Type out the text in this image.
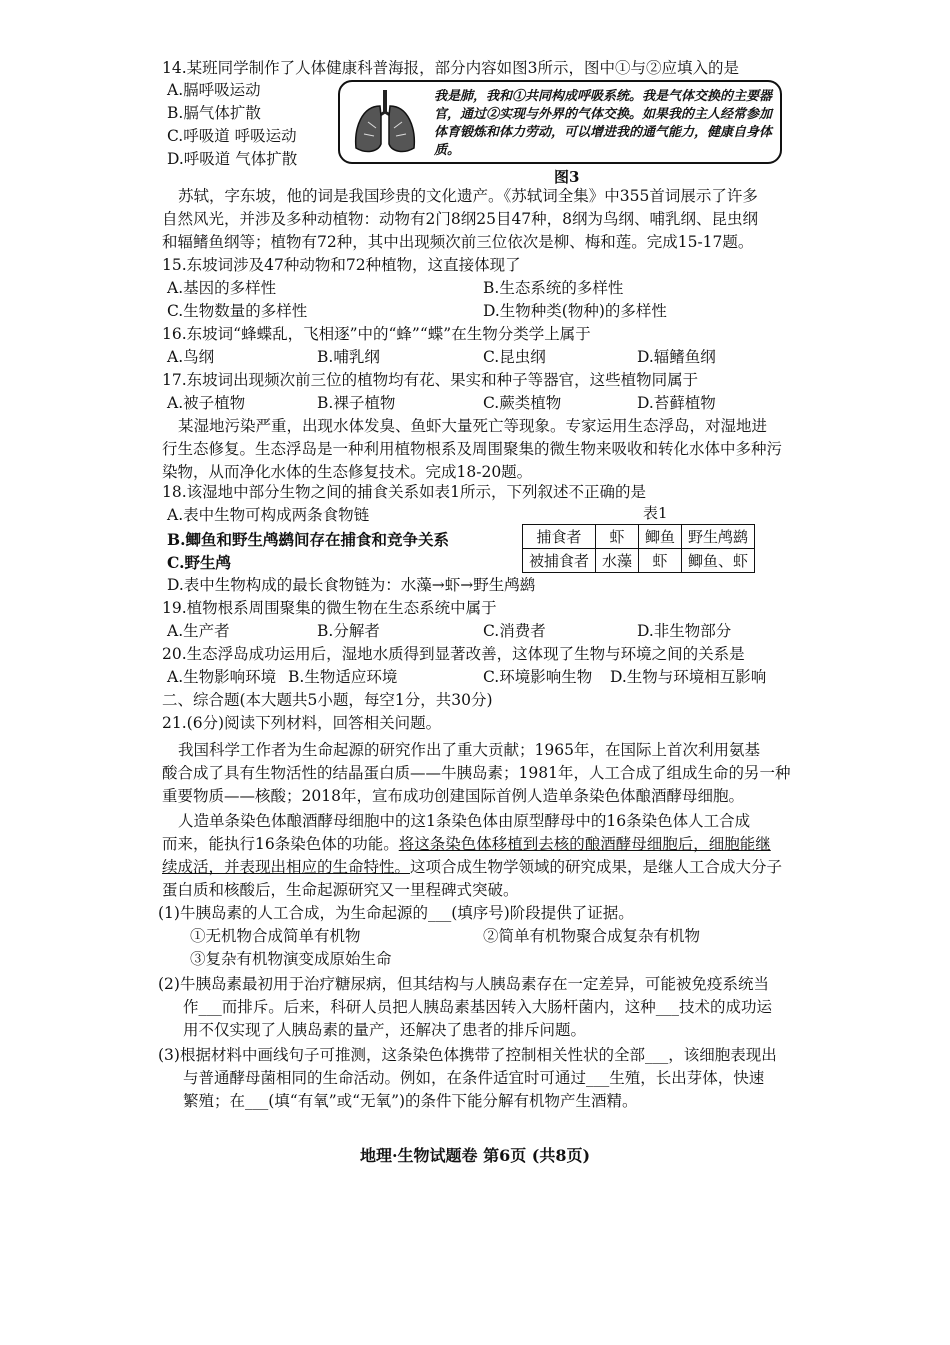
14.某班同学制作了人体健康科普海报，部分内容如图3所示，图中①与②应填入的是
A.膈呼吸运动
B.膈气体扩散
C.呼吸道 呼吸运动
D.呼吸道 气体扩散
我是肺，我和①共同构成呼吸系统。我是气体交换的主要器官，通过②实现与外界的气体交换。如果我的主人经常参加体育锻炼和体力劳动，可以增进我的通气能力，健康自身体质。
图3
苏轼，字东坡，他的词是我国珍贵的文化遗产。《苏轼词全集》中355首词展示了许多
自然风光，并涉及多种动植物：动物有2门8纲25目47种，8纲为鸟纲、哺乳纲、昆虫纲
和辐鳍鱼纲等；植物有72种，其中出现频次前三位依次是柳、梅和莲。完成15-17题。
15.东坡词涉及47种动物和72种植物，这直接体现了
A.基因的多样性	B.生态系统的多样性
C.生物数量的多样性	D.生物种类(物种)的多样性
16.东坡词“蜂蝶乱，飞相逐”中的“蜂”“蝶”在生物分类学上属于
A.鸟纲	B.哺乳纲	C.昆虫纲	D.辐鳍鱼纲
17.东坡词出现频次前三位的植物均有花、果实和种子等器官，这些植物同属于
A.被子植物	B.裸子植物	C.蕨类植物	D.苔藓植物
某湿地污染严重，出现水体发臭、鱼虾大量死亡等现象。专家运用生态浮岛，对湿地进
行生态修复。生态浮岛是一种利用植物根系及周围聚集的微生物来吸收和转化水体中多种污
染物，从而净化水体的生态修复技术。完成18-20题。
18.该湿地中部分生物之间的捕食关系如表1所示，下列叙述不正确的是
A.表中生物可构成两条食物链
B.鲫鱼和野生鸬鹚间存在捕食和竞争关系
C.野生鸬
D.表中生物构成的最长食物链为：水藻→虾→野生鸬鹚
表1
捕食者	虾	鲫鱼	野生鸬鹚
被捕食者	水藻	虾	鲫鱼、虾
19.植物根系周围聚集的微生物在生态系统中属于
A.生产者	B.分解者	C.消费者	D.非生物部分
20.生态浮岛成功运用后，湿地水质得到显著改善，这体现了生物与环境之间的关系是
A.生物影响环境 B.生物适应环境	C.环境影响生物 D.生物与环境相互影响
二、综合题(本大题共5小题，每空1分，共30分)
21.(6分)阅读下列材料，回答相关问题。
我国科学工作者为生命起源的研究作出了重大贡献；1965年，在国际上首次利用氨基
酸合成了具有生物活性的结晶蛋白质——牛胰岛素；1981年，人工合成了组成生命的另一种
重要物质——核酸；2018年，宣布成功创建国际首例人造单条染色体酿酒酵母细胞。
人造单条染色体酿酒酵母细胞中的这1条染色体由原型酵母中的16条染色体人工合成
而来，能执行16条染色体的功能。将这条染色体移植到去核的酿酒酵母细胞后，细胞能继
续成活，并表现出相应的生命特性。这项合成生物学领域的研究成果，是继人工合成大分子
蛋白质和核酸后，生命起源研究又一里程碑式突破。
(1)牛胰岛素的人工合成，为生命起源的___(填序号)阶段提供了证据。
①无机物合成简单有机物	②简单有机物聚合成复杂有机物
③复杂有机物演变成原始生命
(2)牛胰岛素最初用于治疗糖尿病，但其结构与人胰岛素存在一定差异，可能被免疫系统当
作___而排斥。后来，科研人员把人胰岛素基因转入大肠杆菌内，这种___技术的成功运
用不仅实现了人胰岛素的量产，还解决了患者的排斥问题。
(3)根据材料中画线句子可推测，这条染色体携带了控制相关性状的全部___，该细胞表现出
与普通酵母菌相同的生命活动。例如，在条件适宜时可通过___生殖，长出芽体，快速
繁殖；在___(填“有氧”或“无氧”)的条件下能分解有机物产生酒精。
地理·生物试题卷 第6页 (共8页)
